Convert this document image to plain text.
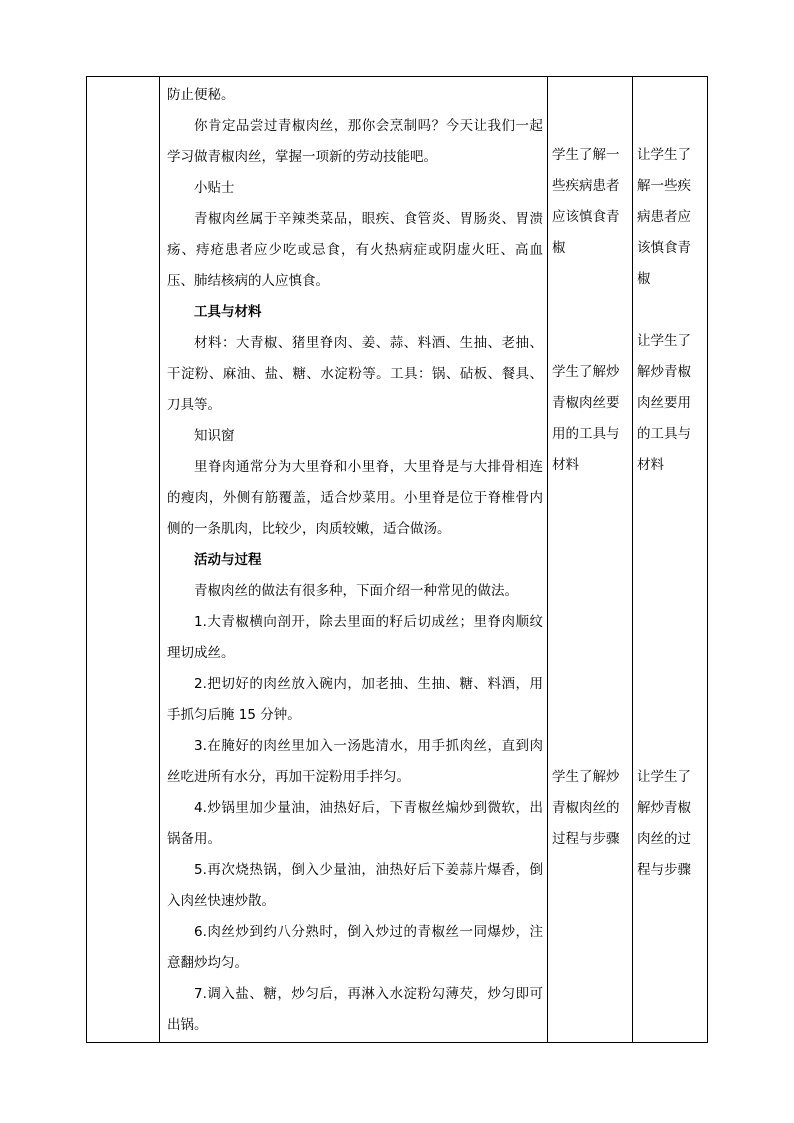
防止便秘。

你肯定品尝过青椒肉丝，那你会烹制吗？今天让我们一起学习做青椒肉丝，掌握一项新的劳动技能吧。

小贴士

青椒肉丝属于辛辣类菜品，眼疾、食管炎、胃肠炎、胃溃疡、痔疮患者应少吃或忌食，有火热病症或阴虚火旺、高血压、肺结核病的人应慎食。

工具与材料

材料：大青椒、猪里脊肉、姜、蒜、料酒、生抽、老抽、干淀粉、麻油、盐、糖、水淀粉等。工具：锅、砧板、餐具、刀具等。

知识窗

里脊肉通常分为大里脊和小里脊，大里脊是与大排骨相连的瘦肉，外侧有筋覆盖，适合炒菜用。小里脊是位于脊椎骨内侧的一条肌肉，比较少，肉质较嫩，适合做汤。

活动与过程

青椒肉丝的做法有很多种，下面介绍一种常见的做法。

1.大青椒横向剖开，除去里面的籽后切成丝；里脊肉顺纹理切成丝。

2.把切好的肉丝放入碗内，加老抽、生抽、糖、料酒，用手抓匀后腌 15 分钟。

3.在腌好的肉丝里加入一汤匙清水，用手抓肉丝，直到肉丝吃进所有水分，再加干淀粉用手拌匀。

4.炒锅里加少量油，油热好后，下青椒丝煸炒到微软，出锅备用。

5.再次烧热锅，倒入少量油，油热好后下姜蒜片爆香，倒入肉丝快速炒散。

6.肉丝炒到约八分熟时，倒入炒过的青椒丝一同爆炒，注意翻炒均匀。

7.调入盐、糖，炒匀后，再淋入水淀粉勾薄芡，炒匀即可出锅。

学生了解一些疾病患者应该慎食青椒
学生了解炒青椒肉丝要用的工具与材料
学生了解炒青椒肉丝的过程与步骤
让学生了解一些疾病患者应该慎食青椒
让学生了解炒青椒肉丝要用的工具与材料
让学生了解炒青椒肉丝的过程与步骤
